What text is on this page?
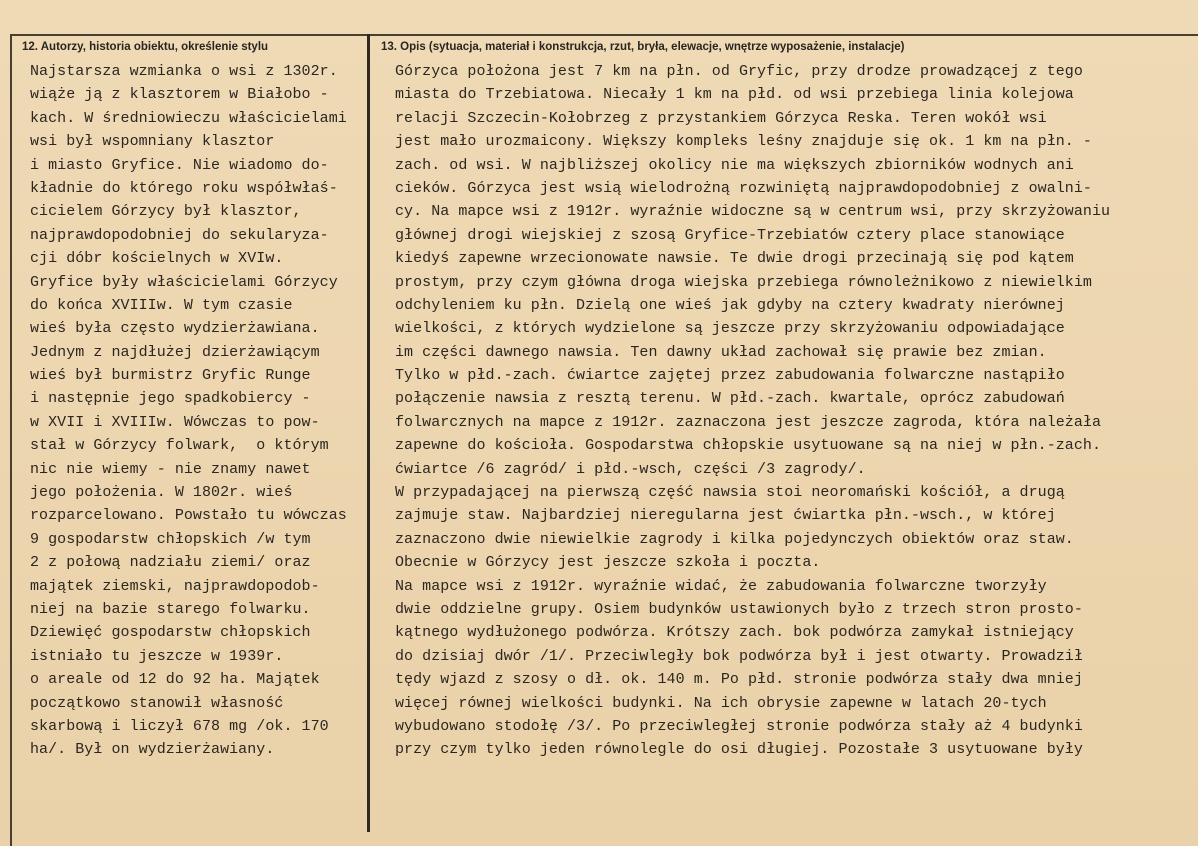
12. Autorzy, historia obiektu, określenie stylu	13. Opis (sytuacja, materiał i konstrukcja, rzut, bryła, elewacje, wnętrze wyposażenie, instalacje)
Najstarsza wzmianka o wsi z 1302r.
wiąże ją z klasztorem w Białobo -
kach. W średniowieczu właścicielami
wsi był wspomniany klasztor
i miasto Gryfice. Nie wiadomo do-
kładnie do którego roku współwłaś-
cicielem Górzycy był klasztor,
najprawdopodobniej do sekularyza-
cji dóbr kościelnych w XVIw.
Gryfice były właścicielami Górzycy
do końca XVIIIw. W tym czasie
wieś była często wydzierżawiana.
Jednym z najdłużej dzierżawiącym
wieś był burmistrz Gryfic Runge
i następnie jego spadkobiercy -
w XVII i XVIIIw. Wówczas to pow-
stał w Górzycy folwark,  o którym
nic nie wiemy - nie znamy nawet
jego położenia. W 1802r. wieś
rozparcelowano. Powstało tu wówczas
9 gospodarstw chłopskich /w tym
2 z połową nadziału ziemi/ oraz
majątek ziemski, najprawdopodob-
niej na bazie starego folwarku.
Dziewięć gospodarstw chłopskich
istniało tu jeszcze w 1939r.
o areale od 12 do 92 ha. Majątek
początkowo stanowił własność
skarbową i liczył 678 mg /ok. 170
ha/. Był on wydzierżawiany.
Górzyca położona jest 7 km na płn. od Gryfic, przy drodze prowadzącej z tego
miasta do Trzebiatowa. Niecały 1 km na płd. od wsi przebiega linia kolejowa
relacji Szczecin-Kołobrzeg z przystankiem Górzyca Reska. Teren wokół wsi
jest mało urozmaicony. Większy kompleks leśny znajduje się ok. 1 km na płn. -
zach. od wsi. W najbliższej okolicy nie ma większych zbiorników wodnych ani
cieków. Górzyca jest wsią wielodrożną rozwiniętą najprawdopodobniej z owalni-
cy. Na mapce wsi z 1912r. wyraźnie widoczne są w centrum wsi, przy skrzyżowaniu
głównej drogi wiejskiej z szosą Gryfice-Trzebiatów cztery place stanowiące
kiedyś zapewne wrzecionowate nawsie. Te dwie drogi przecinają się pod kątem
prostym, przy czym główna droga wiejska przebiega równoleżnikowo z niewielkim
odchyleniem ku płn. Dzielą one wieś jak gdyby na cztery kwadraty nierównej
wielkości, z których wydzielone są jeszcze przy skrzyżowaniu odpowiadające
im części dawnego nawsia. Ten dawny układ zachował się prawie bez zmian.
Tylko w płd.-zach. ćwiartce zajętej przez zabudowania folwarczne nastąpiło
połączenie nawsia z resztą terenu. W płd.-zach. kwartale, oprócz zabudowań
folwarcznych na mapce z 1912r. zaznaczona jest jeszcze zagroda, która należała
zapewne do kościoła. Gospodarstwa chłopskie usytuowane są na niej w płn.-zach.
ćwiartce /6 zagród/ i płd.-wsch, części /3 zagrody/.
W przypadającej na pierwszą część nawsia stoi neoromański kościół, a drugą
zajmuje staw. Najbardziej nieregularna jest ćwiartka płn.-wsch., w której
zaznaczono dwie niewielkie zagrody i kilka pojedynczych obiektów oraz staw.
Obecnie w Górzycy jest jeszcze szkoła i poczta.
Na mapce wsi z 1912r. wyraźnie widać, że zabudowania folwarczne tworzyły
dwie oddzielne grupy. Osiem budynków ustawionych było z trzech stron prosto-
kątnego wydłużonego podwórza. Krótszy zach. bok podwórza zamykał istniejący
do dzisiaj dwór /1/. Przeciwległy bok podwórza był i jest otwarty. Prowadził
tędy wjazd z szosy o dł. ok. 140 m. Po płd. stronie podwórza stały dwa mniej
więcej równej wielkości budynki. Na ich obrysie zapewne w latach 20-tych
wybudowano stodołę /3/. Po przeciwległej stronie podwórza stały aż 4 budynki
przy czym tylko jeden równolegle do osi długiej. Pozostałe 3 usytuowane były
